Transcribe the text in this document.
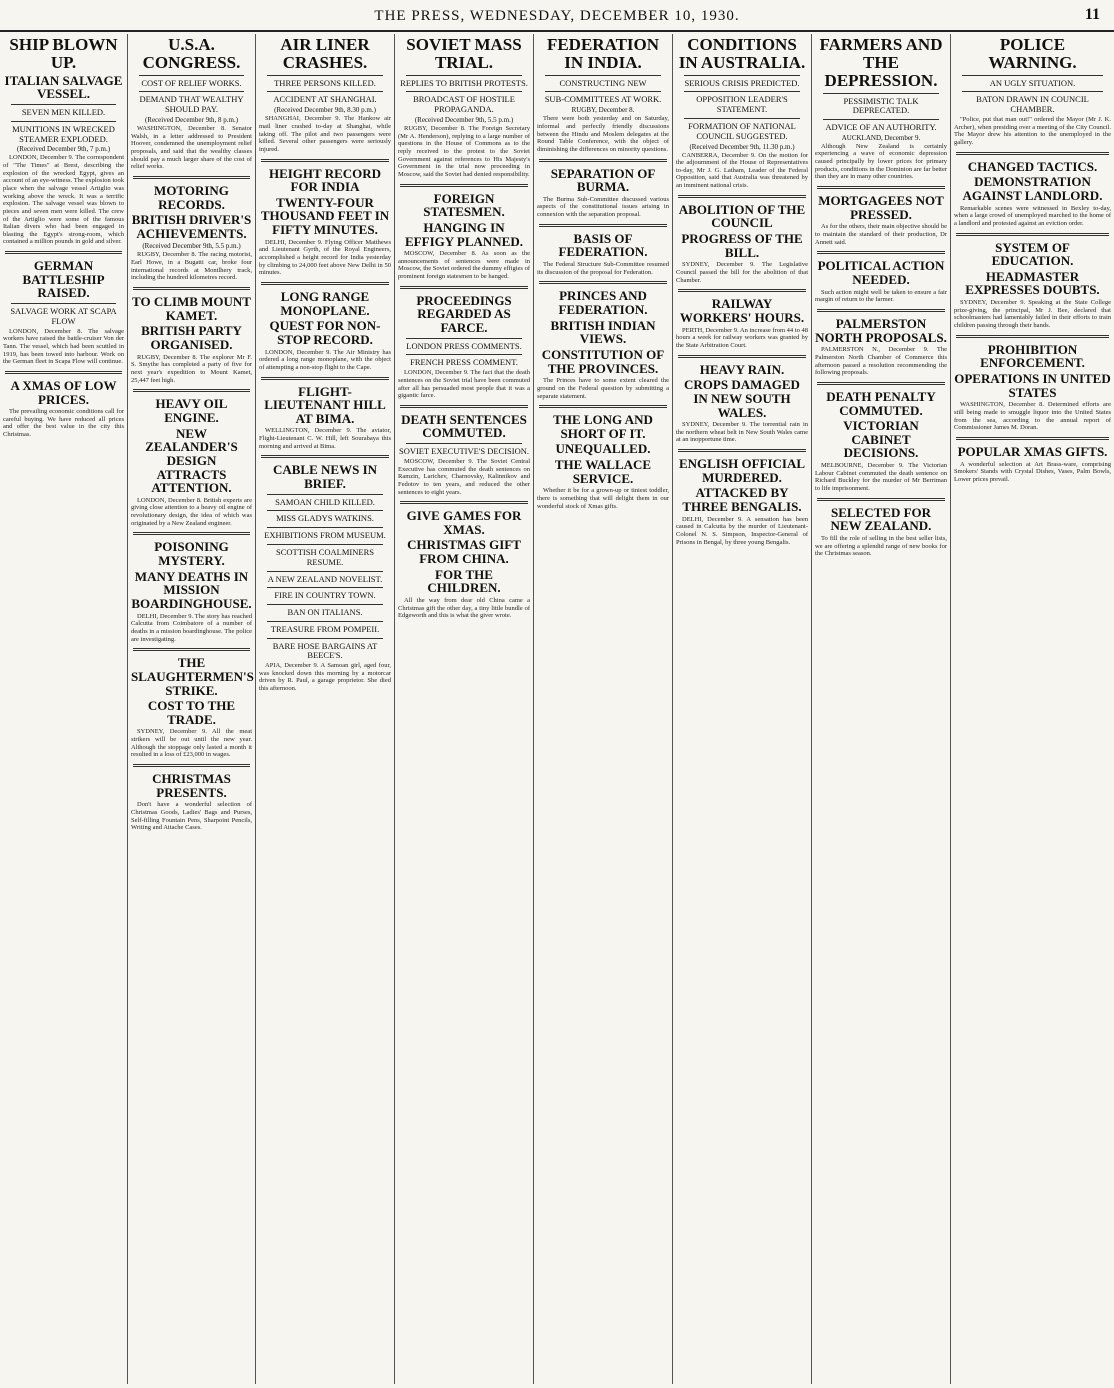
THE PRESS, WEDNESDAY, DECEMBER 10, 1930.	11
SHIP BLOWN UP.
ITALIAN SALVAGE VESSEL.
SEVEN MEN KILLED.
MUNITIONS IN WRECKED STEAMER EXPLODED.
(Received December 9th, 7 p.m.)

LONDON, December 9. The correspondent of "The Times" at Brest, describing the explosion of the wrecked Egypt, gives an account of an eye-witness. The explosion took place when the salvage vessel Artiglio was working above the wreck. It was a terrific explosion. The salvage vessel was blown to pieces and seven men were killed. The crew of the Artiglio were some of the famous Italian divers who had been engaged in blasting the Egypt's strong-room, which contained a million pounds in gold and silver.

GERMAN BATTLESHIP RAISED.
SALVAGE WORK AT SCAPA FLOW

LONDON, December 8. The salvage workers have raised the battle-cruiser Von der Tann. The vessel, which had been scuttled in 1919, has been towed into harbour. Work on the German fleet in Scapa Flow will continue.

A XMAS OF LOW PRICES.

The prevailing economic conditions call for careful buying. We have reduced all prices and offer the best value in the city this Christmas.

U.S.A. CONGRESS.
COST OF RELIEF WORKS.
DEMAND THAT WEALTHY SHOULD PAY.
(Received December 9th, 8 p.m.)

WASHINGTON, December 8. Senator Walsh, in a letter addressed to President Hoover, condemned the unemployment relief proposals, and said that the wealthy classes should pay a much larger share of the cost of relief works.

MOTORING RECORDS.
BRITISH DRIVER'S ACHIEVEMENTS.
(Received December 9th, 5.5 p.m.)

RUGBY, December 8. The racing motorist, Earl Howe, in a Bugatti car, broke four international records at Montlhery track, including the hundred kilometres record.

TO CLIMB MOUNT KAMET.
BRITISH PARTY ORGANISED.

RUGBY, December 8. The explorer Mr F. S. Smythe has completed a party of five for next year's expedition to Mount Kamet, 25,447 feet high.

HEAVY OIL ENGINE.
NEW ZEALANDER'S DESIGN ATTRACTS ATTENTION.

LONDON, December 8. British experts are giving close attention to a heavy oil engine of revolutionary design, the idea of which was originated by a New Zealand engineer.

POISONING MYSTERY.
MANY DEATHS IN MISSION BOARDINGHOUSE.

DELHI, December 9. The story has reached Calcutta from Coimbatore of a number of deaths in a mission boardinghouse. The police are investigating.

THE SLAUGHTERMEN'S STRIKE.
COST TO THE TRADE.

SYDNEY, December 9. All the meat strikers will be out until the new year. Although the stoppage only lasted a month it resulted in a loss of £23,000 in wages.

CHRISTMAS PRESENTS.

Don't have a wonderful selection of Christmas Goods, Ladies' Bags and Purses, Self-filling Fountain Pens, Sharpoint Pencils, Writing and Attache Cases.

AIR LINER CRASHES.
THREE PERSONS KILLED.
ACCIDENT AT SHANGHAI.
(Received December 9th, 8.30 p.m.)

SHANGHAI, December 9. The Hankow air mail liner crashed to-day at Shanghai, while taking off. The pilot and two passengers were killed. Several other passengers were seriously injured.

HEIGHT RECORD FOR INDIA
TWENTY-FOUR THOUSAND FEET IN FIFTY MINUTES.

DELHI, December 9. Flying Officer Matthews and Lieutenant Gyrth, of the Royal Engineers, accomplished a height record for India yesterday by climbing to 24,000 feet above New Delhi in 50 minutes.

LONG RANGE MONOPLANE.
QUEST FOR NON-STOP RECORD.

LONDON, December 9. The Air Ministry has ordered a long range monoplane, with the object of attempting a non-stop flight to the Cape.

FLIGHT-LIEUTENANT HILL AT BIMA.

WELLINGTON, December 9. The aviator, Flight-Lieutenant C. W. Hill, left Sourabaya this morning and arrived at Bima.

CABLE NEWS IN BRIEF.
SAMOAN CHILD KILLED.
MISS GLADYS WATKINS.
EXHIBITIONS FROM MUSEUM.
SCOTTISH COALMINERS RESUME.
A NEW ZEALAND NOVELIST.
FIRE IN COUNTRY TOWN.
BAN ON ITALIANS.
TREASURE FROM POMPEII.
BARE HOSE BARGAINS AT BEECE'S.

APIA, December 9. A Samoan girl, aged four, was knocked down this morning by a motorcar driven by R. Paul, a garage proprietor. She died this afternoon.

SOVIET MASS TRIAL.
REPLIES TO BRITISH PROTESTS.
BROADCAST OF HOSTILE PROPAGANDA.
(Received December 9th, 5.5 p.m.)

RUGBY, December 8. The Foreign Secretary (Mr A. Henderson), replying to a large number of questions in the House of Commons as to the reply received to the protest to the Soviet Government against references to His Majesty's Government in the trial now proceeding in Moscow, said the Soviet had denied responsibility.

FOREIGN STATESMEN.
HANGING IN EFFIGY PLANNED.

MOSCOW, December 8. As soon as the announcements of sentences were made in Moscow, the Soviet ordered the dummy effigies of prominent foreign statesmen to be hanged.

PROCEEDINGS REGARDED AS FARCE.
LONDON PRESS COMMENTS.
FRENCH PRESS COMMENT.

LONDON, December 9. The fact that the death sentences on the Soviet trial have been commuted after all has persuaded most people that it was a gigantic farce.

DEATH SENTENCES COMMUTED.
SOVIET EXECUTIVE'S DECISION.

MOSCOW, December 9. The Soviet Central Executive has commuted the death sentences on Ramzin, Larichev, Charnovsky, Kalinnikov and Fedotov to ten years, and reduced the other sentences to eight years.

GIVE GAMES FOR XMAS.
CHRISTMAS GIFT FROM CHINA.
FOR THE CHILDREN.

All the way from dear old China came a Christmas gift the other day, a tiny little bundle of Edgeworth and this is what the giver wrote.

FEDERATION IN INDIA.
CONSTRUCTING NEW
SUB-COMMITTEES AT WORK.
RUGBY, December 8.

There were both yesterday and on Saturday, informal and perfectly friendly discussions between the Hindu and Moslem delegates at the Round Table Conference, with the object of diminishing the differences on minority questions.

SEPARATION OF BURMA.

The Burma Sub-Committee discussed various aspects of the constitutional issues arising in connexion with the separation proposal.

BASIS OF FEDERATION.

The Federal Structure Sub-Committee resumed its discussion of the proposal for Federation.

PRINCES AND FEDERATION.
BRITISH INDIAN VIEWS.
CONSTITUTION OF THE PROVINCES.

The Princes have to some extent cleared the ground on the Federal question by submitting a separate statement.

THE LONG AND SHORT OF IT.
UNEQUALLED.
THE WALLACE SERVICE.

Whether it be for a grown-up or tiniest toddler, there is something that will delight them in our wonderful stock of Xmas gifts.

CONDITIONS IN AUSTRALIA.
SERIOUS CRISIS PREDICTED.
OPPOSITION LEADER'S STATEMENT.
FORMATION OF NATIONAL COUNCIL SUGGESTED.
(Received December 9th, 11.30 p.m.)

CANBERRA, December 9. On the motion for the adjournment of the House of Representatives to-day, Mr J. G. Latham, Leader of the Federal Opposition, said that Australia was threatened by an imminent national crisis.

ABOLITION OF THE COUNCIL
PROGRESS OF THE BILL.

SYDNEY, December 9. The Legislative Council passed the bill for the abolition of that Chamber.

RAILWAY WORKERS' HOURS.

PERTH, December 9. An increase from 44 to 48 hours a week for railway workers was granted by the State Arbitration Court.

HEAVY RAIN.
CROPS DAMAGED IN NEW SOUTH WALES.

SYDNEY, December 9. The torrential rain in the northern wheat belt in New South Wales came at an inopportune time.

ENGLISH OFFICIAL MURDERED.
ATTACKED BY THREE BENGALIS.

DELHI, December 9. A sensation has been caused in Calcutta by the murder of Lieutenant-Colonel N. S. Simpson, Inspector-General of Prisons in Bengal, by three young Bengalis.

FARMERS AND THE DEPRESSION.
PESSIMISTIC TALK DEPRECATED.
ADVICE OF AN AUTHORITY.
AUCKLAND, December 9.

Although New Zealand is certainly experiencing a wave of economic depression caused principally by lower prices for primary products, conditions in the Dominion are far better than they are in many other countries.

MORTGAGEES NOT PRESSED.

As for the others, their main objective should be to maintain the standard of their production, Dr Annett said.

POLITICAL ACTION NEEDED.

Such action might well be taken to ensure a fair margin of return to the farmer.

PALMERSTON NORTH PROPOSALS.

PALMERSTON N., December 9. The Palmerston North Chamber of Commerce this afternoon passed a resolution recommending the following proposals.

DEATH PENALTY COMMUTED.
VICTORIAN CABINET DECISIONS.

MELBOURNE, December 9. The Victorian Labour Cabinet commuted the death sentence on Richard Buckley for the murder of Mr Berriman to life imprisonment.

SELECTED FOR NEW ZEALAND.

To fill the role of selling in the best seller lists, we are offering a splendid range of new books for the Christmas season.

POLICE WARNING.
AN UGLY SITUATION.
BATON DRAWN IN COUNCIL CHAMBER.

"Police, put that man out!" ordered the Mayor (Mr J. K. Archer), when presiding over a meeting of the City Council. The Mayor drew his attention to the unemployed in the gallery.

CHANGED TACTICS.
DEMONSTRATION AGAINST LANDLORD.

Remarkable scenes were witnessed in Bexley to-day, when a large crowd of unemployed marched to the home of a landlord and protested against an eviction order.

SYSTEM OF EDUCATION.
HEADMASTER EXPRESSES DOUBTS.

SYDNEY, December 9. Speaking at the State College prize-giving, the principal, Mr J. Bee, declared that schoolmasters had lamentably failed in their efforts to train children passing through their hands.

PROHIBITION ENFORCEMENT.
OPERATIONS IN UNITED STATES

WASHINGTON, December 8. Determined efforts are still being made to smuggle liquor into the United States from the sea, according to the annual report of Commissioner James M. Doran.

POPULAR XMAS GIFTS.

A wonderful selection at Art Brass-ware, comprising Smokers' Stands with Crystal Dishes, Vases, Palm Bowls, Lower prices prevail.
